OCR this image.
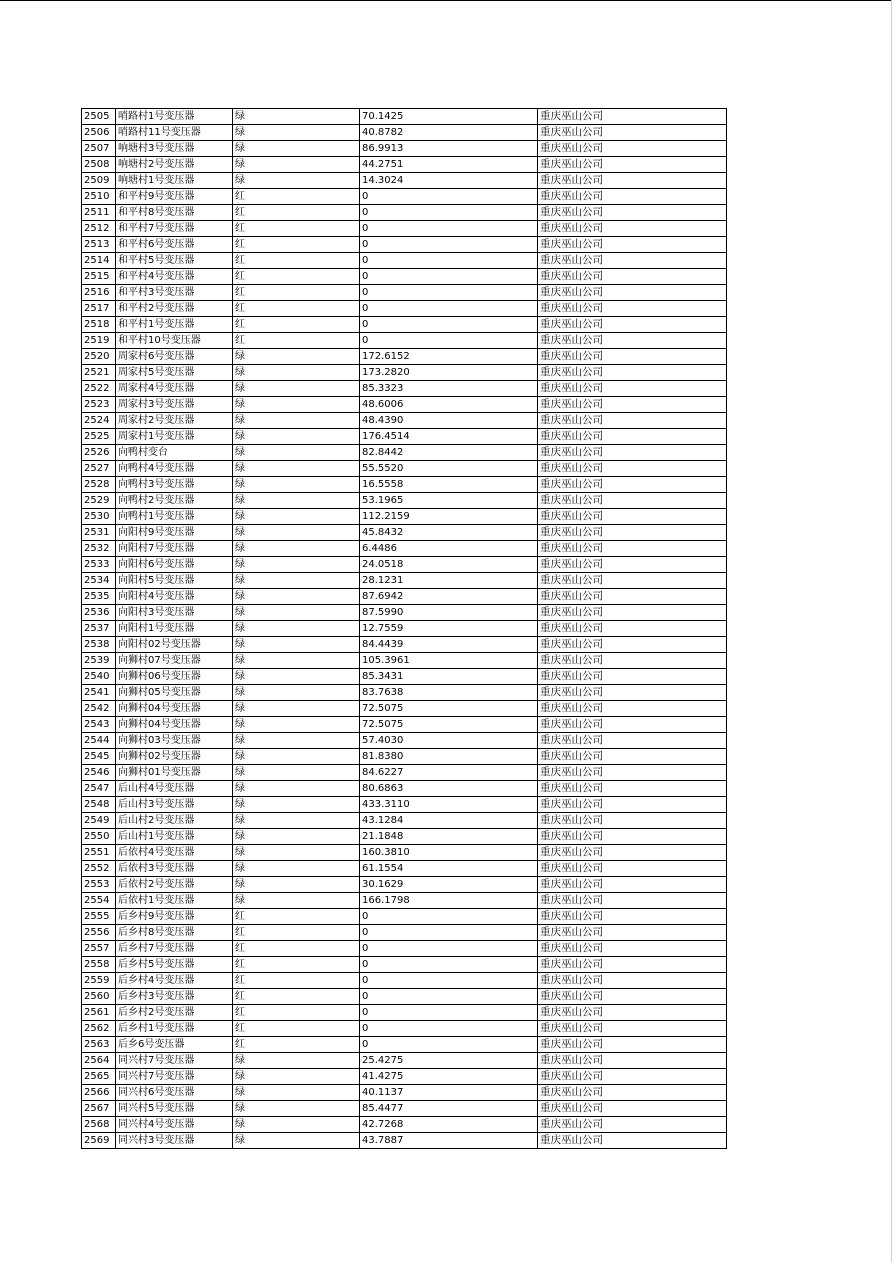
2505	哨路村1号变压器	绿	70.1425	重庆巫山公司
2506	哨路村11号变压器	绿	40.8782	重庆巫山公司
2507	响塘村3号变压器	绿	86.9913	重庆巫山公司
2508	响塘村2号变压器	绿	44.2751	重庆巫山公司
2509	响塘村1号变压器	绿	14.3024	重庆巫山公司
2510	和平村9号变压器	红	0	重庆巫山公司
2511	和平村8号变压器	红	0	重庆巫山公司
2512	和平村7号变压器	红	0	重庆巫山公司
2513	和平村6号变压器	红	0	重庆巫山公司
2514	和平村5号变压器	红	0	重庆巫山公司
2515	和平村4号变压器	红	0	重庆巫山公司
2516	和平村3号变压器	红	0	重庆巫山公司
2517	和平村2号变压器	红	0	重庆巫山公司
2518	和平村1号变压器	红	0	重庆巫山公司
2519	和平村10号变压器	红	0	重庆巫山公司
2520	周家村6号变压器	绿	172.6152	重庆巫山公司
2521	周家村5号变压器	绿	173.2820	重庆巫山公司
2522	周家村4号变压器	绿	85.3323	重庆巫山公司
2523	周家村3号变压器	绿	48.6006	重庆巫山公司
2524	周家村2号变压器	绿	48.4390	重庆巫山公司
2525	周家村1号变压器	绿	176.4514	重庆巫山公司
2526	向鸭村变台	绿	82.8442	重庆巫山公司
2527	向鸭村4号变压器	绿	55.5520	重庆巫山公司
2528	向鸭村3号变压器	绿	16.5558	重庆巫山公司
2529	向鸭村2号变压器	绿	53.1965	重庆巫山公司
2530	向鸭村1号变压器	绿	112.2159	重庆巫山公司
2531	向阳村9号变压器	绿	45.8432	重庆巫山公司
2532	向阳村7号变压器	绿	6.4486	重庆巫山公司
2533	向阳村6号变压器	绿	24.0518	重庆巫山公司
2534	向阳村5号变压器	绿	28.1231	重庆巫山公司
2535	向阳村4号变压器	绿	87.6942	重庆巫山公司
2536	向阳村3号变压器	绿	87.5990	重庆巫山公司
2537	向阳村1号变压器	绿	12.7559	重庆巫山公司
2538	向阳村02号变压器	绿	84.4439	重庆巫山公司
2539	向狮村07号变压器	绿	105.3961	重庆巫山公司
2540	向狮村06号变压器	绿	85.3431	重庆巫山公司
2541	向狮村05号变压器	绿	83.7638	重庆巫山公司
2542	向狮村04号变压器	绿	72.5075	重庆巫山公司
2543	向狮村04号变压器	绿	72.5075	重庆巫山公司
2544	向狮村03号变压器	绿	57.4030	重庆巫山公司
2545	向狮村02号变压器	绿	81.8380	重庆巫山公司
2546	向狮村01号变压器	绿	84.6227	重庆巫山公司
2547	后山村4号变压器	绿	80.6863	重庆巫山公司
2548	后山村3号变压器	绿	433.3110	重庆巫山公司
2549	后山村2号变压器	绿	43.1284	重庆巫山公司
2550	后山村1号变压器	绿	21.1848	重庆巫山公司
2551	后依村4号变压器	绿	160.3810	重庆巫山公司
2552	后依村3号变压器	绿	61.1554	重庆巫山公司
2553	后依村2号变压器	绿	30.1629	重庆巫山公司
2554	后依村1号变压器	绿	166.1798	重庆巫山公司
2555	后乡村9号变压器	红	0	重庆巫山公司
2556	后乡村8号变压器	红	0	重庆巫山公司
2557	后乡村7号变压器	红	0	重庆巫山公司
2558	后乡村5号变压器	红	0	重庆巫山公司
2559	后乡村4号变压器	红	0	重庆巫山公司
2560	后乡村3号变压器	红	0	重庆巫山公司
2561	后乡村2号变压器	红	0	重庆巫山公司
2562	后乡村1号变压器	红	0	重庆巫山公司
2563	后乡6号变压器	红	0	重庆巫山公司
2564	同兴村7号变压器	绿	25.4275	重庆巫山公司
2565	同兴村7号变压器	绿	41.4275	重庆巫山公司
2566	同兴村6号变压器	绿	40.1137	重庆巫山公司
2567	同兴村5号变压器	绿	85.4477	重庆巫山公司
2568	同兴村4号变压器	绿	42.7268	重庆巫山公司
2569	同兴村3号变压器	绿	43.7887	重庆巫山公司
